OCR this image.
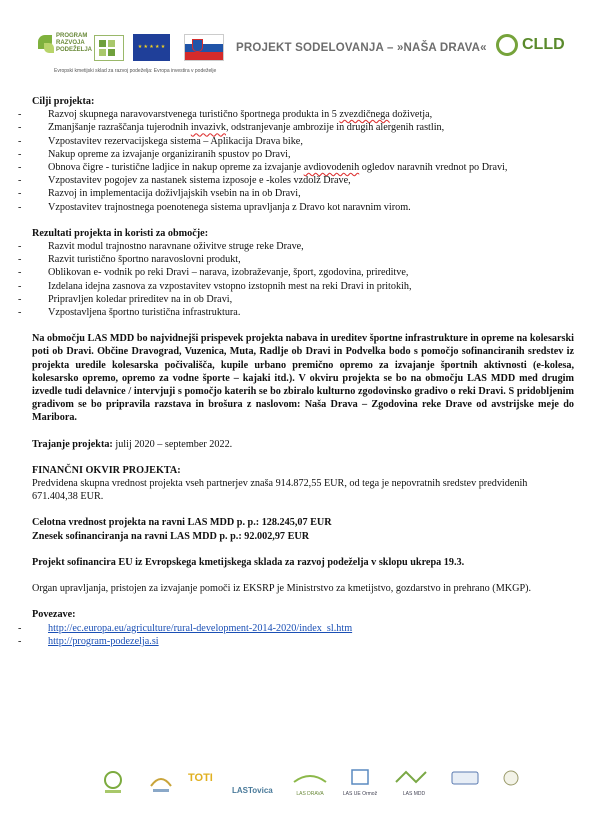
PROGRAM
RAZVOJA
PODEŽELJA
Evropski kmetijski sklad za razvoj podeželja: Evropa investira v podeželje
★ ★ ★ ★ ★	PROJEKT SODELOVANJA – »NAŠA DRAVA« CLLD

Cilji projekta:

- Razvoj skupnega naravovarstvenega turistično športnega produkta in 5 zvezdičnega doživetja,
- Zmanjšanje razraščanja tujerodnih invazivk, odstranjevanje ambrozije in drugih alergenih rastlin,
- Vzpostavitev rezervacijskega sistema – Aplikacija Drava bike,
- Nakup opreme za izvajanje organiziranih spustov po Dravi,
- Obnova čigre - turistične ladjice in nakup opreme za izvajanje avdiovodenih ogledov naravnih vrednot po Dravi,
- Vzpostavitev pogojev za nastanek sistema izposoje e -koles vzdolž Drave,
- Razvoj in implementacija doživljajskih vsebin na in ob Dravi,
- Vzpostavitev trajnostnega poenotenega sistema upravljanja z Dravo kot naravnim virom.

Rezultati projekta in koristi za območje:

- Razvit modul trajnostno naravnane oživitve struge reke Drave,
- Razvit turistično športno naravoslovni produkt,
- Oblikovan e- vodnik po reki Dravi – narava, izobraževanje, šport, zgodovina, prireditve,
- Izdelana idejna zasnova za vzpostavitev vstopno izstopnih mest na reki Dravi in pritokih,
- Pripravljen koledar prireditev na in ob Dravi,
- Vzpostavljena športno turistična infrastruktura.

Na območju LAS MDD bo najvidnejši prispevek projekta nabava in ureditev športne infrastrukture in opreme na kolesarski poti ob Dravi. Občine Dravograd, Vuzenica, Muta, Radlje ob Dravi in Podvelka bodo s pomočjo sofinanciranih sredstev iz projekta uredile kolesarska počivališča, kupile urbano premično opremo za izvajanje športnih aktivnosti (e-kolesa, kolesarsko opremo, opremo za vodne športe – kajaki itd.). V okviru projekta se bo na območju LAS MDD med drugim izvedle tudi delavnice / intervjuji s pomočjo katerih se bo zbiralo kulturno zgodovinsko gradivo o reki Dravi. S pridobljenim gradivom se bo pripravila razstava in brošura z naslovom: Naša Drava – Zgodovina reke Drave od avstrijske meje do Maribora.

Trajanje projekta: julij 2020 – september 2022.

FINANČNI OKVIR PROJEKTA:

Predvidena skupna vrednost projekta vseh partnerjev znaša 914.872,55 EUR, od tega je nepovratnih sredstev predvidenih 671.404,38 EUR.

Celotna vrednost projekta na ravni LAS MDD p. p.: 128.245,07 EUR

Znesek sofinanciranja na ravni LAS MDD p. p.: 92.002,97 EUR

Projekt sofinancira EU iz Evropskega kmetijskega sklada za razvoj podeželja v sklopu ukrepa 19.3.

Organ upravljanja, pristojen za izvajanje pomoči iz EKSRP je Ministrstvo za kmetijstvo, gozdarstvo in prehrano (MKGP).

Povezave:

- http://ec.europa.eu/agriculture/rural-development-2014-2020/index_sl.htm
- http://program-podezelja.si
TOTI
LASTovica	LAS DRAVA	LAS UE Ormož	LAS MDD
